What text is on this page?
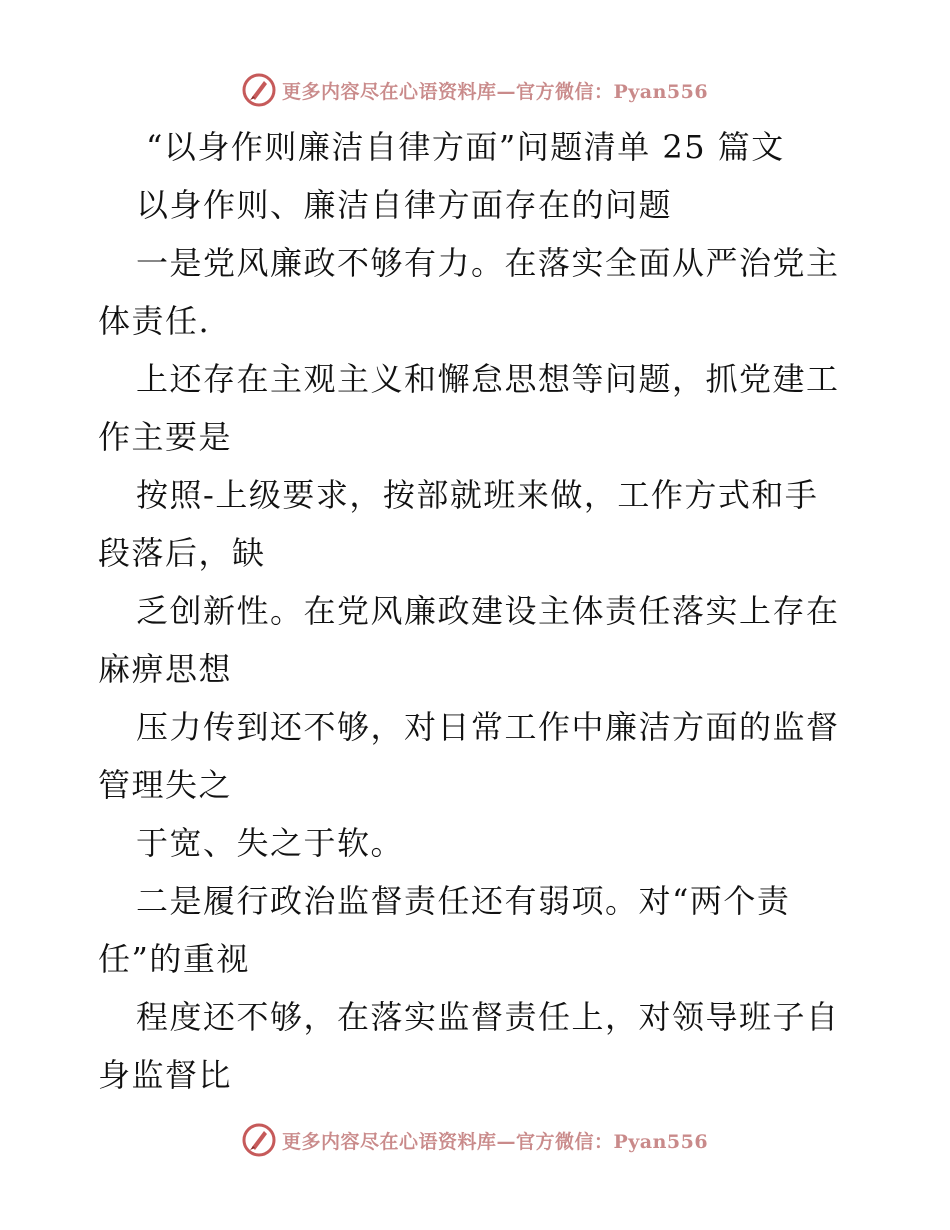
更多内容尽在心语资料库—官方微信：Pyan556
“以身作则廉洁自律方面”问题清单 25 篇文
以身作则、廉洁自律方面存在的问题
一是党风廉政不够有力。在落实全面从严治党主
体责任.
上还存在主观主义和懈怠思想等问题，抓党建工
作主要是
按照-上级要求，按部就班来做，工作方式和手
段落后，缺
乏创新性。在党风廉政建设主体责任落实上存在
麻痹思想
压力传到还不够，对日常工作中廉洁方面的监督
管理失之
于宽、失之于软。
二是履行政治监督责任还有弱项。对“两个责
任”的重视
程度还不够，在落实监督责任上，对领导班子自
身监督比
更多内容尽在心语资料库—官方微信：Pyan556
